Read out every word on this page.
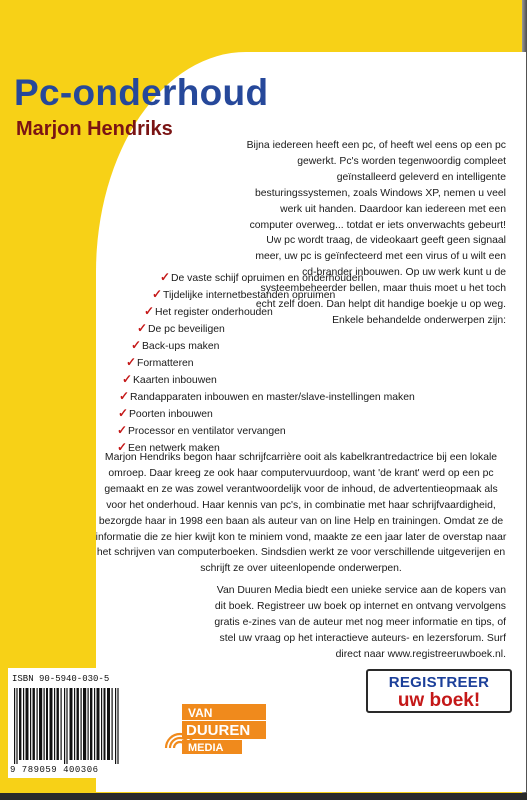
Pc-onderhoud
Marjon Hendriks

Bijna iedereen heeft een pc, of heeft wel eens op een pc gewerkt. Pc's worden tegenwoordig compleet geïnstalleerd geleverd en intelligente besturingssystemen, zoals Windows XP, nemen u veel werk uit handen. Daardoor kan iedereen met een computer overweg... totdat er iets onverwachts gebeurt! Uw pc wordt traag, de videokaart geeft geen signaal meer, uw pc is geïnfecteerd met een virus of u wilt een cd-brander inbouwen. Op uw werk kunt u de systeembeheerder bellen, maar thuis moet u het toch echt zelf doen. Dan helpt dit handige boekje u op weg. Enkele behandelde onderwerpen zijn:

✓De vaste schijf opruimen en onderhouden
✓Tijdelijke internetbestanden opruimen
✓Het register onderhouden
✓De pc beveiligen
✓Back-ups maken
✓Formatteren
✓Kaarten inbouwen
✓Randapparaten inbouwen en master/slave-instellingen maken
✓Poorten inbouwen
✓Processor en ventilator vervangen
✓Een netwerk maken

Marjon Hendriks begon haar schrijfcarrière ooit als kabelkrantredactrice bij een lokale omroep. Daar kreeg ze ook haar computervuurdoop, want 'de krant' werd op een pc gemaakt en ze was zowel verantwoordelijk voor de inhoud, de advertentieopmaak als voor het onderhoud. Haar kennis van pc's, in combinatie met haar schrijfvaardigheid, bezorgde haar in 1998 een baan als auteur van on line Help en trainingen. Omdat ze de informatie die ze hier kwijt kon te miniem vond, maakte ze een jaar later de overstap naar het schrijven van computerboeken. Sindsdien werkt ze voor verschillende uitgeverijen en schrijft ze over uiteenlopende onderwerpen.

Van Duuren Media biedt een unieke service aan de kopers van dit boek. Registreer uw boek op internet en ontvang vervolgens gratis e-zines van de auteur met nog meer informatie en tips, of stel uw vraag op het interactieve auteurs- en lezersforum. Surf direct naar www.registreeruwboek.nl.

REGISTREER
uw boek!
ISBN 90-5940-030-5
9 789059 400306
VAN
DUUREN
MEDIA
